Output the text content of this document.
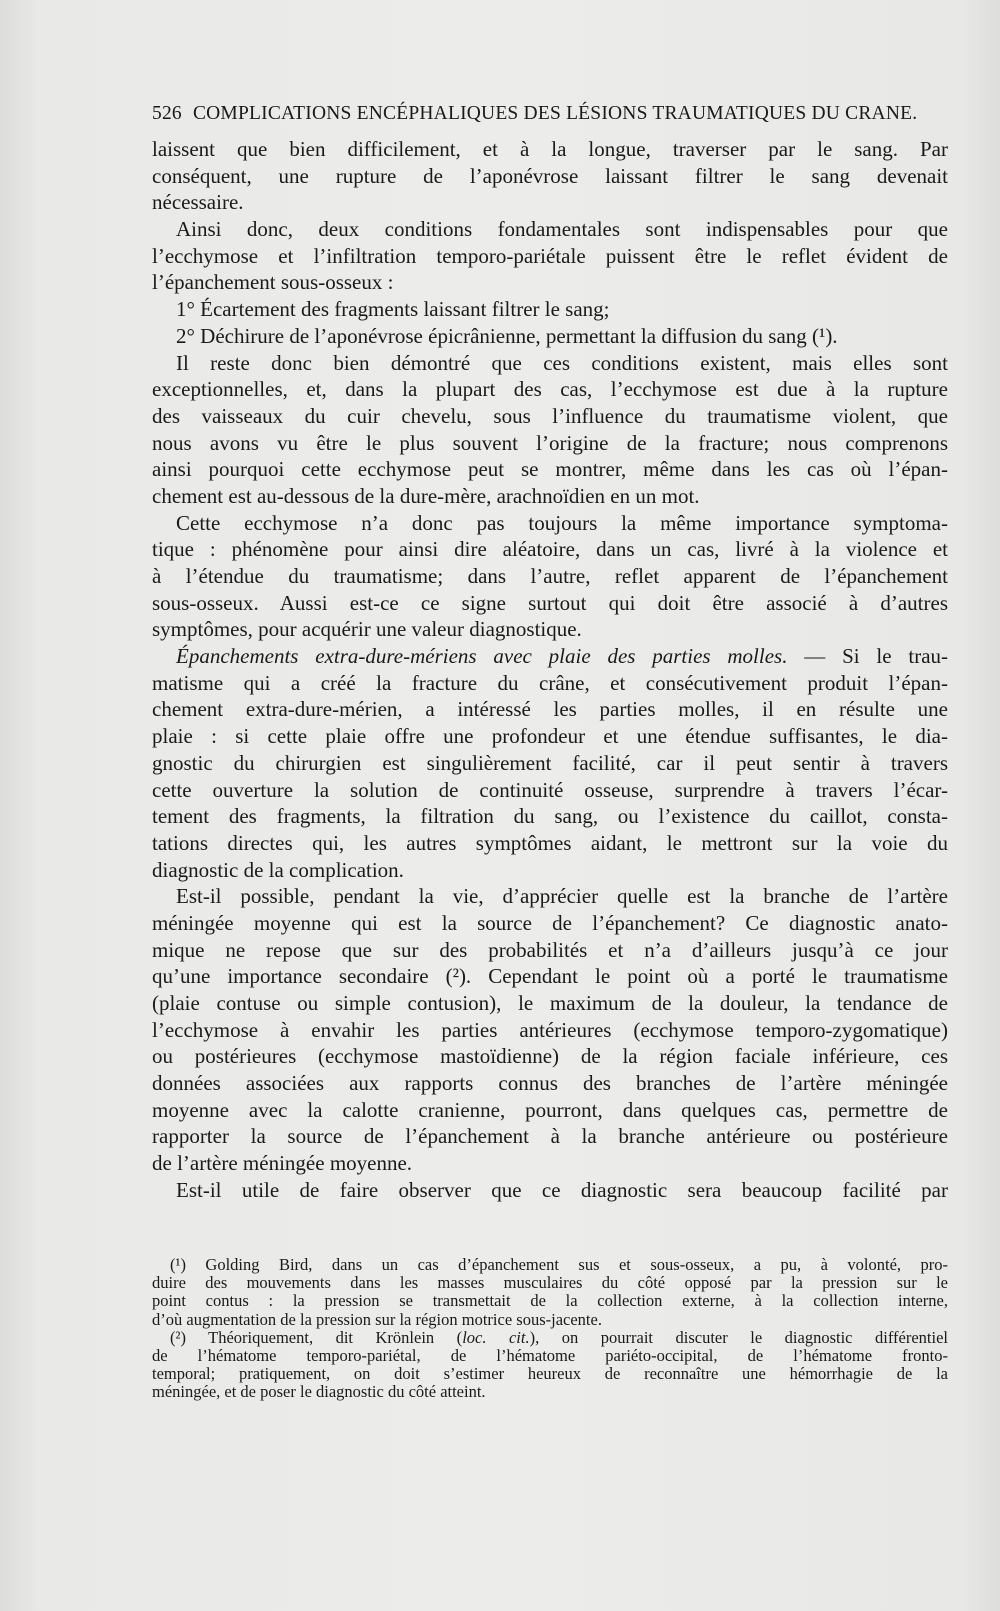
526 COMPLICATIONS ENCÉPHALIQUES DES LÉSIONS TRAUMATIQUES DU CRANE.
laissent que bien difficilement, et à la longue, traverser par le sang. Par
conséquent, une rupture de l’aponévrose laissant filtrer le sang devenait
nécessaire.
Ainsi donc, deux conditions fondamentales sont indispensables pour que
l’ecchymose et l’infiltration temporo-pariétale puissent être le reflet évident de
l’épanchement sous-osseux :
1° Écartement des fragments laissant filtrer le sang;
2° Déchirure de l’aponévrose épicrânienne, permettant la diffusion du sang (¹).
Il reste donc bien démontré que ces conditions existent, mais elles sont
exceptionnelles, et, dans la plupart des cas, l’ecchymose est due à la rupture
des vaisseaux du cuir chevelu, sous l’influence du traumatisme violent, que
nous avons vu être le plus souvent l’origine de la fracture; nous comprenons
ainsi pourquoi cette ecchymose peut se montrer, même dans les cas où l’épan-
chement est au-dessous de la dure-mère, arachnoïdien en un mot.
Cette ecchymose n’a donc pas toujours la même importance symptoma-
tique : phénomène pour ainsi dire aléatoire, dans un cas, livré à la violence et
à l’étendue du traumatisme; dans l’autre, reflet apparent de l’épanchement
sous-osseux. Aussi est-ce ce signe surtout qui doit être associé à d’autres
symptômes, pour acquérir une valeur diagnostique.
Épanchements extra-dure-mériens avec plaie des parties molles. — Si le trau-
matisme qui a créé la fracture du crâne, et consécutivement produit l’épan-
chement extra-dure-mérien, a intéressé les parties molles, il en résulte une
plaie : si cette plaie offre une profondeur et une étendue suffisantes, le dia-
gnostic du chirurgien est singulièrement facilité, car il peut sentir à travers
cette ouverture la solution de continuité osseuse, surprendre à travers l’écar-
tement des fragments, la filtration du sang, ou l’existence du caillot, consta-
tations directes qui, les autres symptômes aidant, le mettront sur la voie du
diagnostic de la complication.
Est-il possible, pendant la vie, d’apprécier quelle est la branche de l’artère
méningée moyenne qui est la source de l’épanchement? Ce diagnostic anato-
mique ne repose que sur des probabilités et n’a d’ailleurs jusqu’à ce jour
qu’une importance secondaire (²). Cependant le point où a porté le traumatisme
(plaie contuse ou simple contusion), le maximum de la douleur, la tendance de
l’ecchymose à envahir les parties antérieures (ecchymose temporo-zygomatique)
ou postérieures (ecchymose mastoïdienne) de la région faciale inférieure, ces
données associées aux rapports connus des branches de l’artère méningée
moyenne avec la calotte cranienne, pourront, dans quelques cas, permettre de
rapporter la source de l’épanchement à la branche antérieure ou postérieure
de l’artère méningée moyenne.
Est-il utile de faire observer que ce diagnostic sera beaucoup facilité par
(¹) Golding Bird, dans un cas d’épanchement sus et sous-osseux, a pu, à volonté, pro-
duire des mouvements dans les masses musculaires du côté opposé par la pression sur le
point contus : la pression se transmettait de la collection externe, à la collection interne,
d’où augmentation de la pression sur la région motrice sous-jacente.
(²) Théoriquement, dit Krönlein (loc. cit.), on pourrait discuter le diagnostic différentiel
de l’hématome temporo-pariétal, de l’hématome pariéto-occipital, de l’hématome fronto-
temporal; pratiquement, on doit s’estimer heureux de reconnaître une hémorrhagie de la
méningée, et de poser le diagnostic du côté atteint.
